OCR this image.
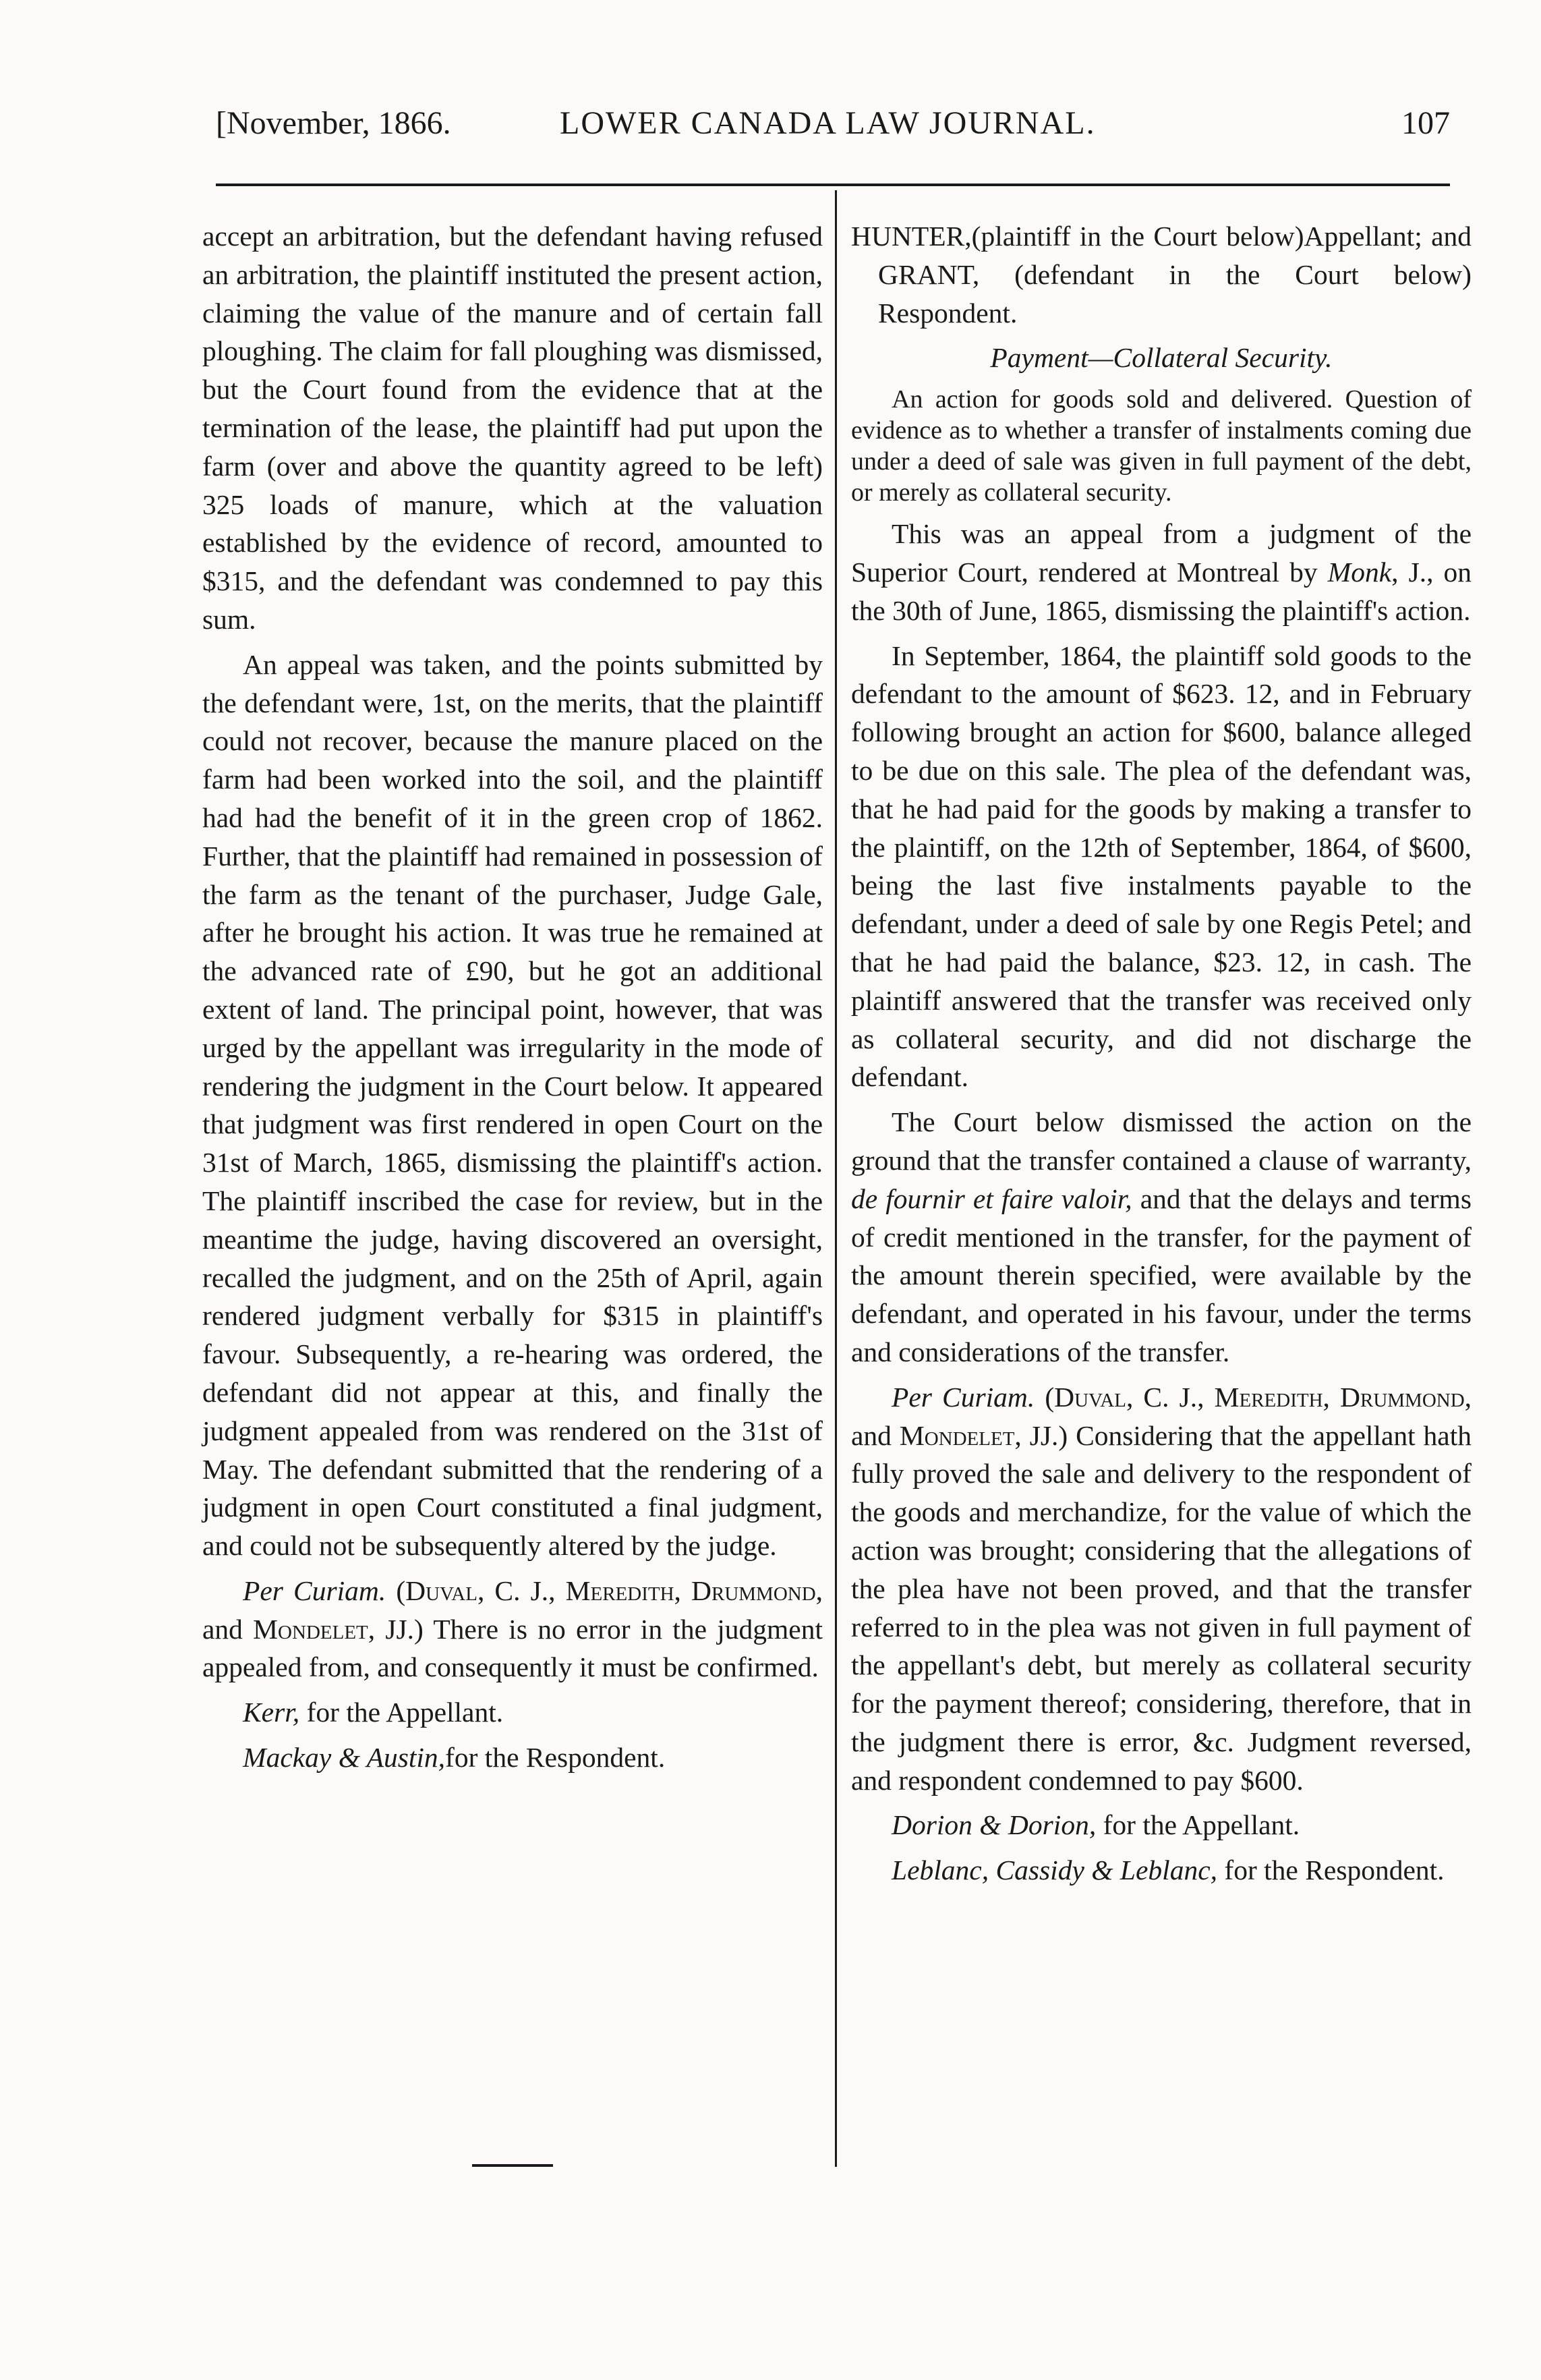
[November, 1866.	LOWER CANADA LAW JOURNAL.	107

accept an arbitration, but the defendant having refused an arbitration, the plaintiff instituted the present action, claiming the value of the manure and of certain fall ploughing. The claim for fall ploughing was dismissed, but the Court found from the evidence that at the termination of the lease, the plaintiff had put upon the farm (over and above the quantity agreed to be left) 325 loads of manure, which at the valuation established by the evidence of record, amounted to $315, and the defendant was condemned to pay this sum.

An appeal was taken, and the points submitted by the defendant were, 1st, on the merits, that the plaintiff could not recover, because the manure placed on the farm had been worked into the soil, and the plaintiff had had the benefit of it in the green crop of 1862. Further, that the plaintiff had remained in possession of the farm as the tenant of the purchaser, Judge Gale, after he brought his action. It was true he remained at the advanced rate of £90, but he got an additional extent of land. The principal point, however, that was urged by the appellant was irregularity in the mode of rendering the judgment in the Court below. It appeared that judgment was first rendered in open Court on the 31st of March, 1865, dismissing the plaintiff's action. The plaintiff inscribed the case for review, but in the meantime the judge, having discovered an oversight, recalled the judgment, and on the 25th of April, again rendered judgment verbally for $315 in plaintiff's favour. Subsequently, a re-hearing was ordered, the defendant did not appear at this, and finally the judgment appealed from was rendered on the 31st of May. The defendant submitted that the rendering of a judgment in open Court constituted a final judgment, and could not be subsequently altered by the judge.

Per Curiam. (Duval, C. J., Meredith, Drummond, and Mondelet, JJ.) There is no error in the judgment appealed from, and consequently it must be confirmed.

Kerr, for the Appellant.

Mackay & Austin,for the Respondent.

HUNTER,(plaintiff in the Court below)Appellant; and GRANT, (defendant in the Court below) Respondent.

Payment—Collateral Security.

An action for goods sold and delivered. Question of evidence as to whether a transfer of instalments coming due under a deed of sale was given in full payment of the debt, or merely as collateral security.

This was an appeal from a judgment of the Superior Court, rendered at Montreal by Monk, J., on the 30th of June, 1865, dismissing the plaintiff's action.

In September, 1864, the plaintiff sold goods to the defendant to the amount of $623. 12, and in February following brought an action for $600, balance alleged to be due on this sale. The plea of the defendant was, that he had paid for the goods by making a transfer to the plaintiff, on the 12th of September, 1864, of $600, being the last five instalments payable to the defendant, under a deed of sale by one Regis Petel; and that he had paid the balance, $23. 12, in cash. The plaintiff answered that the transfer was received only as collateral security, and did not discharge the defendant.

The Court below dismissed the action on the ground that the transfer contained a clause of warranty, de fournir et faire valoir, and that the delays and terms of credit mentioned in the transfer, for the payment of the amount therein specified, were available by the defendant, and operated in his favour, under the terms and considerations of the transfer.

Per Curiam. (Duval, C. J., Meredith, Drummond, and Mondelet, JJ.) Considering that the appellant hath fully proved the sale and delivery to the respondent of the goods and merchandize, for the value of which the action was brought; considering that the allegations of the plea have not been proved, and that the transfer referred to in the plea was not given in full payment of the appellant's debt, but merely as collateral security for the payment thereof; considering, therefore, that in the judgment there is error, &c. Judgment reversed, and respondent condemned to pay $600.

Dorion & Dorion, for the Appellant.

Leblanc, Cassidy & Leblanc, for the Respondent.
